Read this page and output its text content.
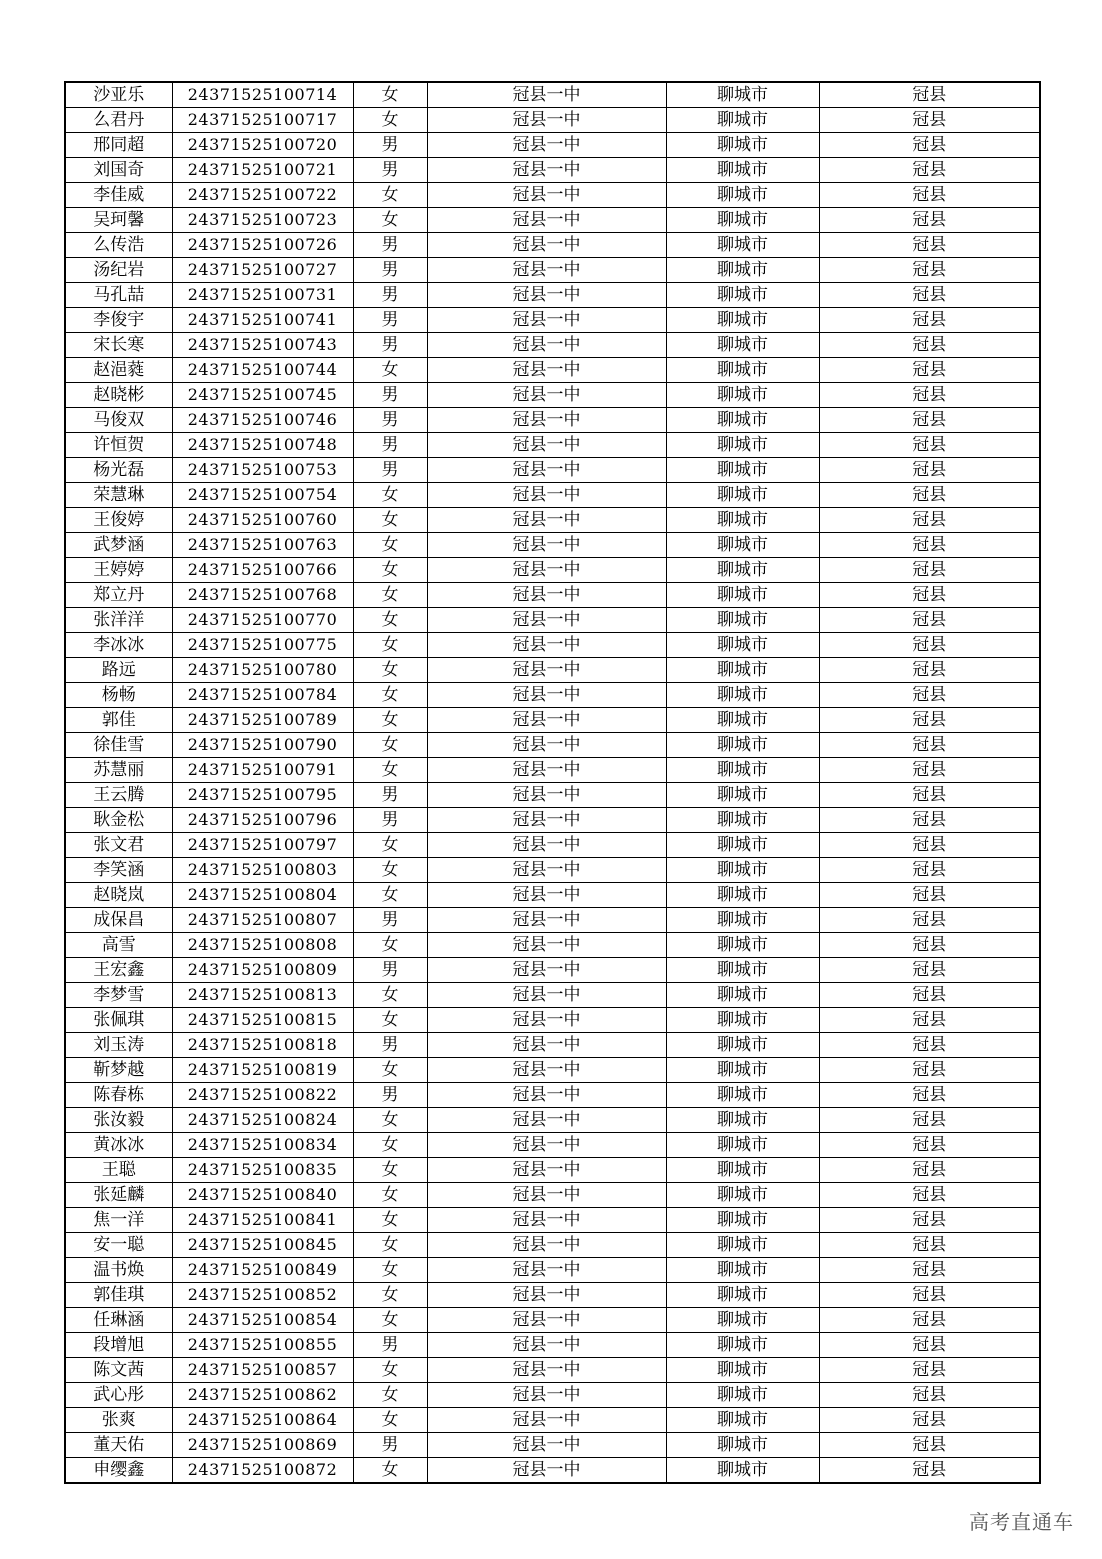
沙亚乐	24371525100714	女	冠县一中	聊城市	冠县
么君丹	24371525100717	女	冠县一中	聊城市	冠县
邢同超	24371525100720	男	冠县一中	聊城市	冠县
刘国奇	24371525100721	男	冠县一中	聊城市	冠县
李佳威	24371525100722	女	冠县一中	聊城市	冠县
吴珂馨	24371525100723	女	冠县一中	聊城市	冠县
么传浩	24371525100726	男	冠县一中	聊城市	冠县
汤纪岩	24371525100727	男	冠县一中	聊城市	冠县
马孔喆	24371525100731	男	冠县一中	聊城市	冠县
李俊宇	24371525100741	男	冠县一中	聊城市	冠县
宋长寒	24371525100743	男	冠县一中	聊城市	冠县
赵浥蕤	24371525100744	女	冠县一中	聊城市	冠县
赵晓彬	24371525100745	男	冠县一中	聊城市	冠县
马俊双	24371525100746	男	冠县一中	聊城市	冠县
许恒贺	24371525100748	男	冠县一中	聊城市	冠县
杨光磊	24371525100753	男	冠县一中	聊城市	冠县
荣慧琳	24371525100754	女	冠县一中	聊城市	冠县
王俊婷	24371525100760	女	冠县一中	聊城市	冠县
武梦涵	24371525100763	女	冠县一中	聊城市	冠县
王婷婷	24371525100766	女	冠县一中	聊城市	冠县
郑立丹	24371525100768	女	冠县一中	聊城市	冠县
张洋洋	24371525100770	女	冠县一中	聊城市	冠县
李冰冰	24371525100775	女	冠县一中	聊城市	冠县
路远	24371525100780	女	冠县一中	聊城市	冠县
杨畅	24371525100784	女	冠县一中	聊城市	冠县
郭佳	24371525100789	女	冠县一中	聊城市	冠县
徐佳雪	24371525100790	女	冠县一中	聊城市	冠县
苏慧丽	24371525100791	女	冠县一中	聊城市	冠县
王云腾	24371525100795	男	冠县一中	聊城市	冠县
耿金松	24371525100796	男	冠县一中	聊城市	冠县
张文君	24371525100797	女	冠县一中	聊城市	冠县
李笑涵	24371525100803	女	冠县一中	聊城市	冠县
赵晓岚	24371525100804	女	冠县一中	聊城市	冠县
成保昌	24371525100807	男	冠县一中	聊城市	冠县
高雪	24371525100808	女	冠县一中	聊城市	冠县
王宏鑫	24371525100809	男	冠县一中	聊城市	冠县
李梦雪	24371525100813	女	冠县一中	聊城市	冠县
张佩琪	24371525100815	女	冠县一中	聊城市	冠县
刘玉涛	24371525100818	男	冠县一中	聊城市	冠县
靳梦越	24371525100819	女	冠县一中	聊城市	冠县
陈春栋	24371525100822	男	冠县一中	聊城市	冠县
张汝毅	24371525100824	女	冠县一中	聊城市	冠县
黄冰冰	24371525100834	女	冠县一中	聊城市	冠县
王聪	24371525100835	女	冠县一中	聊城市	冠县
张延麟	24371525100840	女	冠县一中	聊城市	冠县
焦一洋	24371525100841	女	冠县一中	聊城市	冠县
安一聪	24371525100845	女	冠县一中	聊城市	冠县
温书焕	24371525100849	女	冠县一中	聊城市	冠县
郭佳琪	24371525100852	女	冠县一中	聊城市	冠县
任琳涵	24371525100854	女	冠县一中	聊城市	冠县
段增旭	24371525100855	男	冠县一中	聊城市	冠县
陈文茜	24371525100857	女	冠县一中	聊城市	冠县
武心彤	24371525100862	女	冠县一中	聊城市	冠县
张爽	24371525100864	女	冠县一中	聊城市	冠县
董天佑	24371525100869	男	冠县一中	聊城市	冠县
申缨鑫	24371525100872	女	冠县一中	聊城市	冠县
高考直通车
